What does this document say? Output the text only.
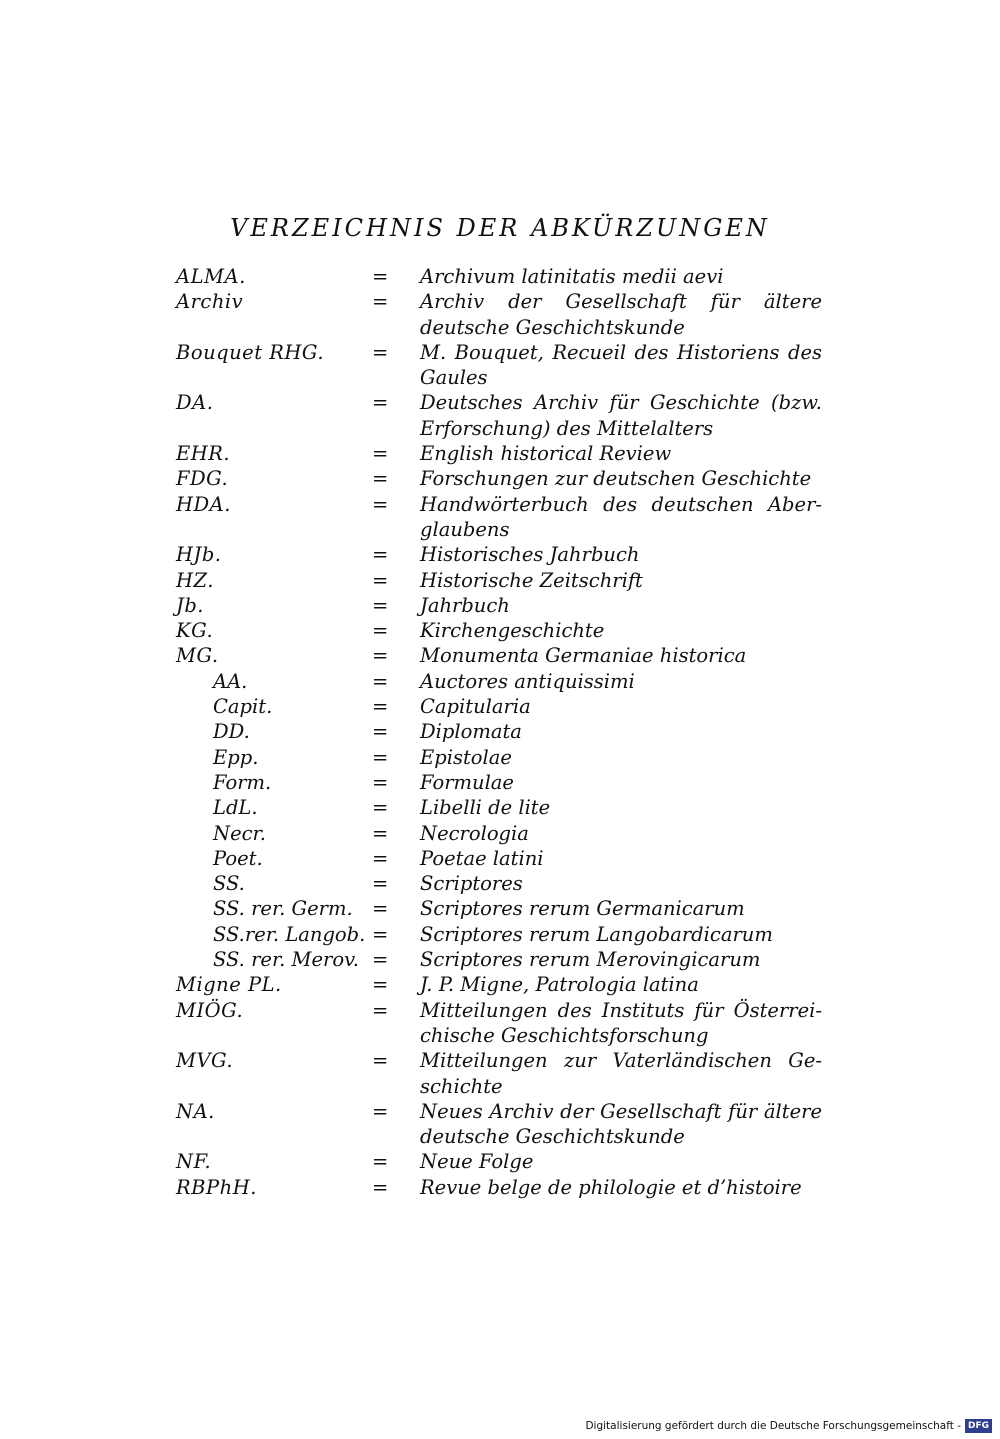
VERZEICHNIS DER ABKÜRZUNGEN
ALMA.	=	Archivum latinitatis medii aevi
Archiv	=	Archiv der Gesellschaft für ältere deutsche Geschichtskunde
Bouquet RHG.	=	M. Bouquet, Recueil des Historiens des Gaules
DA.	=	Deutsches Archiv für Geschichte (bzw. Erforschung) des Mittelalters
EHR.	=	English historical Review
FDG.	=	Forschungen zur deutschen Geschichte
HDA.	=	Handwörterbuch des deutschen Aberglaubens
HJb.	=	Historisches Jahrbuch
HZ.	=	Historische Zeitschrift
Jb.	=	Jahrbuch
KG.	=	Kirchengeschichte
MG.	=	Monumenta Germaniae historica
AA.	=	Auctores antiquissimi
Capit.	=	Capitularia
DD.	=	Diplomata
Epp.	=	Epistolae
Form.	=	Formulae
LdL.	=	Libelli de lite
Necr.	=	Necrologia
Poet.	=	Poetae latini
SS.	=	Scriptores
SS. rer. Germ. =	Scriptores rerum Germanicarum
SS.rer. Langob. =	Scriptores rerum Langobardicarum
SS. rer. Merov. =	Scriptores rerum Merovingicarum
Migne PL.	=	J. P. Migne, Patrologia latina
MIÖG.	=	Mitteilungen des Instituts für Österreichische Geschichtsforschung
MVG.	=	Mitteilungen zur Vaterländischen Geschichte
NA.	=	Neues Archiv der Gesellschaft für ältere deutsche Geschichtskunde
NF.	=	Neue Folge
RBPhH.	=	Revue belge de philologie et d’histoire
Digitalisierung gefördert durch die Deutsche Forschungsgemeinschaft - DFG
